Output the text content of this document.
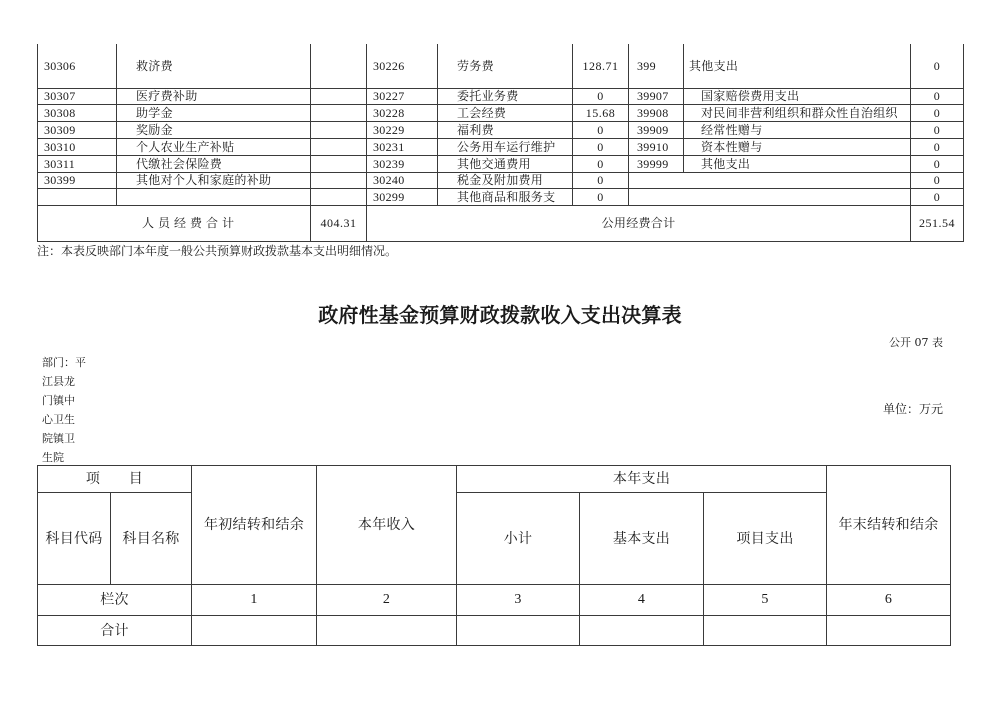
30306	救济费		30226	劳务费	128.71	399	其他支出	0
30307	医疗费补助		30227	委托业务费	0	39907	国家赔偿费用支出	0
30308	助学金		30228	工会经费	15.68	39908	对民间非营利组织和群众性自治组织	0
30309	奖励金		30229	福利费	0	39909	经常性赠与	0
30310	个人农业生产补贴		30231	公务用车运行维护	0	39910	资本性赠与	0
30311	代缴社会保险费		30239	其他交通费用	0	39999	其他支出	0
30399	其他对个人和家庭的补助		30240	税金及附加费用	0			0
			30299	其他商品和服务支	0			0
人员经费合计		404.31	公用经费合计					251.54
注：本表反映部门本年度一般公共预算财政拨款基本支出明细情况。
政府性基金预算财政拨款收入支出决算表
公开 07 表
部门：平
江县龙
门镇中
心卫生
院镇卫
生院
单位：万元
项　　目		年初结转和结余	本年收入	本年支出			年末结转和结余
科目代码	科目名称			小计	基本支出	项目支出	
栏次		1	2	3	4	5	6
合计							
